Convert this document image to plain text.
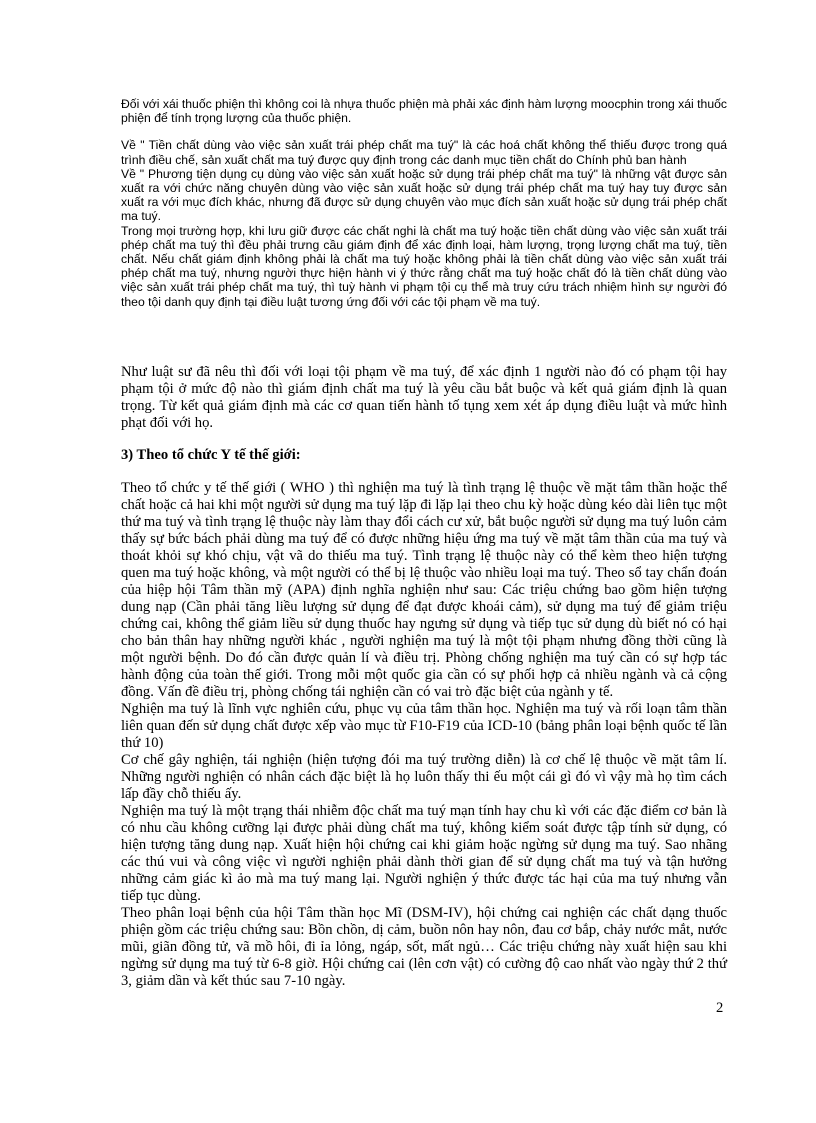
Đối với xái thuốc phiện thì không coi là nhựa thuốc phiện mà phải xác định hàm lượng moocphin trong xái thuốc phiện để tính trọng lượng của thuốc phiện.

Về " Tiền chất dùng vào việc sản xuất trái phép chất ma tuý" là các hoá chất không thể thiếu được trong quá trình điều chế, sản xuất chất ma tuý được quy định trong các danh mục tiền chất do Chính phủ ban hành

Về " Phương tiện dụng cụ dùng vào việc sản xuất hoặc sử dụng trái phép chất ma tuý" là những vật được sản xuất ra với chức năng chuyên dùng vào việc sản xuất hoặc sử dụng trái phép chất ma tuý hay tuy được sản xuất ra với mục đích khác, nhưng đã được sử dụng chuyên vào mục đích sản xuất hoặc sử dụng trái phép chất ma tuý.

Trong mọi trường hợp, khi lưu giữ được các chất nghi là chất ma tuý hoặc tiền chất dùng vào việc sản xuất trái phép chất ma tuý thì đều phải trưng cầu giám định để xác định loại, hàm lượng, trọng lượng chất ma tuý, tiền chất. Nếu chất giám định không phải là chất ma tuý hoặc không phải là tiền chất dùng vào việc sản xuất trái phép chất ma tuý, nhưng người thực hiện hành vi ý thức rằng chất ma tuý hoặc chất đó là tiền chất dùng vào việc sản xuất trái phép chất ma tuý, thì tuỳ hành vi phạm tội cụ thể mà truy cứu trách nhiệm hình sự người đó theo tội danh quy định tại điều luật tương ứng đối với các tội phạm về ma tuý.

Như luật sư đã nêu thì đối với loại tội phạm về ma tuý, để xác định 1 người nào đó có phạm tội hay phạm tội ở mức độ nào thì giám định chất ma tuý là yêu cầu bắt buộc và kết quả giám định là quan trọng. Từ kết quả giám định mà các cơ quan tiến hành tố tụng xem xét áp dụng điều luật và mức hình phạt đối với họ.
3) Theo tổ chức Y tế thế giới:

Theo tổ chức y tế thế giới ( WHO ) thì nghiện ma tuý là tình trạng lệ thuộc về mặt tâm thần hoặc thể chất hoặc cả hai khi một người sử dụng ma tuý lặp đi lặp lại theo chu kỳ hoặc dùng kéo dài liên tục một thứ ma tuý và tình trạng lệ thuộc này làm thay đổi cách cư xử, bắt buộc người sử dụng ma tuý luôn cảm thấy sự bức bách phải dùng ma tuý để có được những hiệu ứng ma tuý về mặt tâm thần của ma tuý và thoát khỏi sự khó chịu, vật vã do thiếu ma tuý. Tình trạng lệ thuộc này có thể kèm theo hiện tượng quen ma tuý hoặc không, và một người có thể bị lệ thuộc vào nhiều loại ma tuý. Theo sổ tay chẩn đoán của hiệp hội Tâm thần mỹ (APA) định nghĩa nghiện như sau: Các triệu chứng bao gồm hiện tượng dung nạp (Cần phải tăng liều lượng sử dụng để đạt được khoái cảm), sử dụng ma tuý để giảm triệu chứng cai, không thể giảm liều sử dụng thuốc hay ngưng sử dụng và tiếp tục sử dụng dù biết nó có hại cho bản thân hay những người khác , người nghiện ma tuý là một tội phạm nhưng đồng thời cũng là một người bệnh. Do đó cần được quản lí và điều trị. Phòng chống nghiện ma tuý cần có sự hợp tác hành động của toàn thế giới. Trong mỗi một quốc gia cần có sự phối hợp cả nhiều ngành và cả cộng đồng. Vấn đề điều trị, phòng chống tái nghiện cần có vai trò đặc biệt của ngành y tế.

Nghiện ma tuý là lĩnh vực nghiên cứu, phục vụ của tâm thần học. Nghiện ma tuý và rối loạn tâm thần liên quan đến sử dụng chất được xếp vào mục từ F10-F19 của ICD-10 (bảng phân loại bệnh quốc tế lần thứ 10)

Cơ chế gây nghiện, tái nghiện (hiện tượng đói ma tuý trường diễn) là cơ chế lệ thuộc về mặt tâm lí. Những người nghiện có nhân cách đặc biệt là họ luôn thấy thi ếu một cái gì đó vì vậy mà họ tìm cách lấp đầy chỗ thiếu ấy.

Nghiện ma tuý là một trạng thái nhiễm độc chất ma tuý mạn tính hay chu kì với các đặc điểm cơ bản là có nhu cầu không cưỡng lại được phải dùng chất ma tuý, không kiểm soát được tập tính sử dụng, có hiện tượng tăng dung nạp. Xuất hiện hội chứng cai khi giảm hoặc ngừng sử dụng ma tuý. Sao nhãng các thú vui và công việc vì người nghiện phải dành thời gian để sử dụng chất ma tuý và tận hưởng những cảm giác kì ảo mà ma tuý mang lại. Người nghiện ý thức được tác hại của ma tuý nhưng vẫn tiếp tục dùng.

Theo phân loại bệnh của hội Tâm thần học Mĩ (DSM-IV), hội chứng cai nghiện các chất dạng thuốc phiện gồm các triệu chứng sau: Bồn chồn, dị cảm, buồn nôn hay nôn, đau cơ bắp, chảy nước mắt, nước mũi, giãn đồng tử, vã mồ hôi, đi ỉa lỏng, ngáp, sốt, mất ngủ… Các triệu chứng này xuất hiện sau khi ngừng sử dụng ma tuý từ 6-8 giờ. Hội chứng cai (lên cơn vật) có cường độ cao nhất vào ngày thứ 2 thứ 3, giảm dần và kết thúc sau 7-10 ngày.

2
